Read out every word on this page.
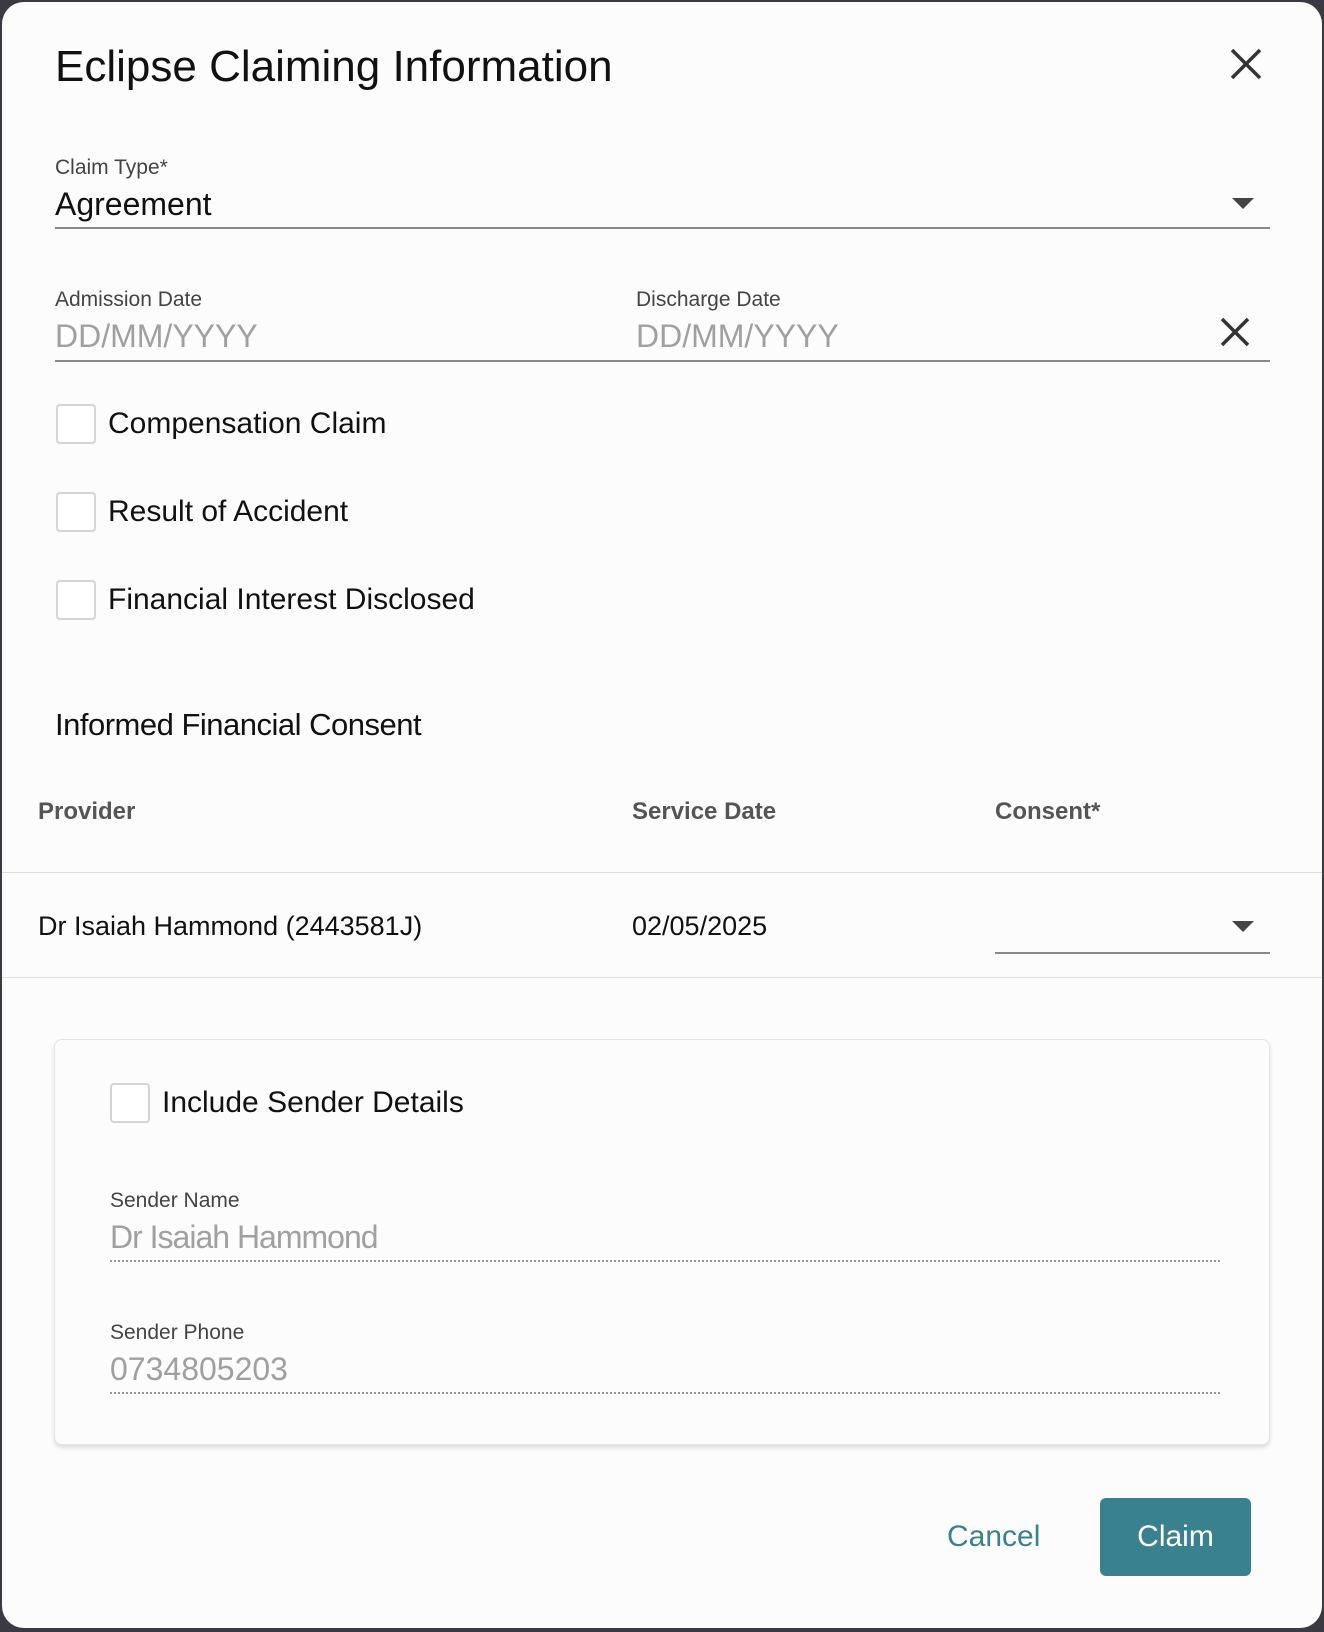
Eclipse Claiming Information
Claim Type*
Agreement
Admission Date
DD/MM/YYYY
Discharge Date
DD/MM/YYYY
Compensation Claim
Result of Accident
Financial Interest Disclosed
Informed Financial Consent
Provider	Service Date	Consent*
Dr Isaiah Hammond (2443581J)	02/05/2025
Include Sender Details
Sender Name
Dr Isaiah Hammond
Sender Phone
0734805203
Cancel	Claim
